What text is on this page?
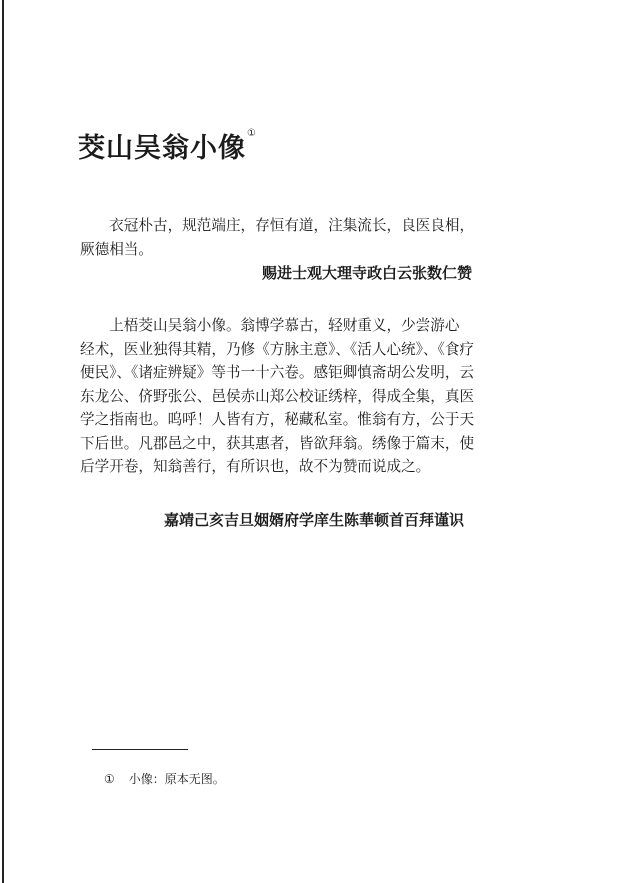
茭山吴翁小像①
衣冠朴古，规范端庄，存恒有道，注集流长，良医良相，
厥德相当。
赐进士观大理寺政白云张数仁赞
上梧茭山吴翁小像。翁博学慕古，轻财重义，少尝游心
经术，医业独得其精，乃修《方脉主意》、《活人心统》、《食疗
便民》、《诸症辨疑》等书一十六卷。感钜卿慎斋胡公发明，云
东龙公、侪野张公、邑侯赤山郑公校证绣梓，得成全集，真医
学之指南也。呜呼！人皆有方，秘藏私室。惟翁有方，公于天
下后世。凡郡邑之中，获其惠者，皆欲拜翁。绣像于篇末，使
后学开卷，知翁善行，有所识也，故不为赞而说成之。
嘉靖己亥吉旦姻婿府学庠生陈華顿首百拜谨识
① 小像：原本无图。
